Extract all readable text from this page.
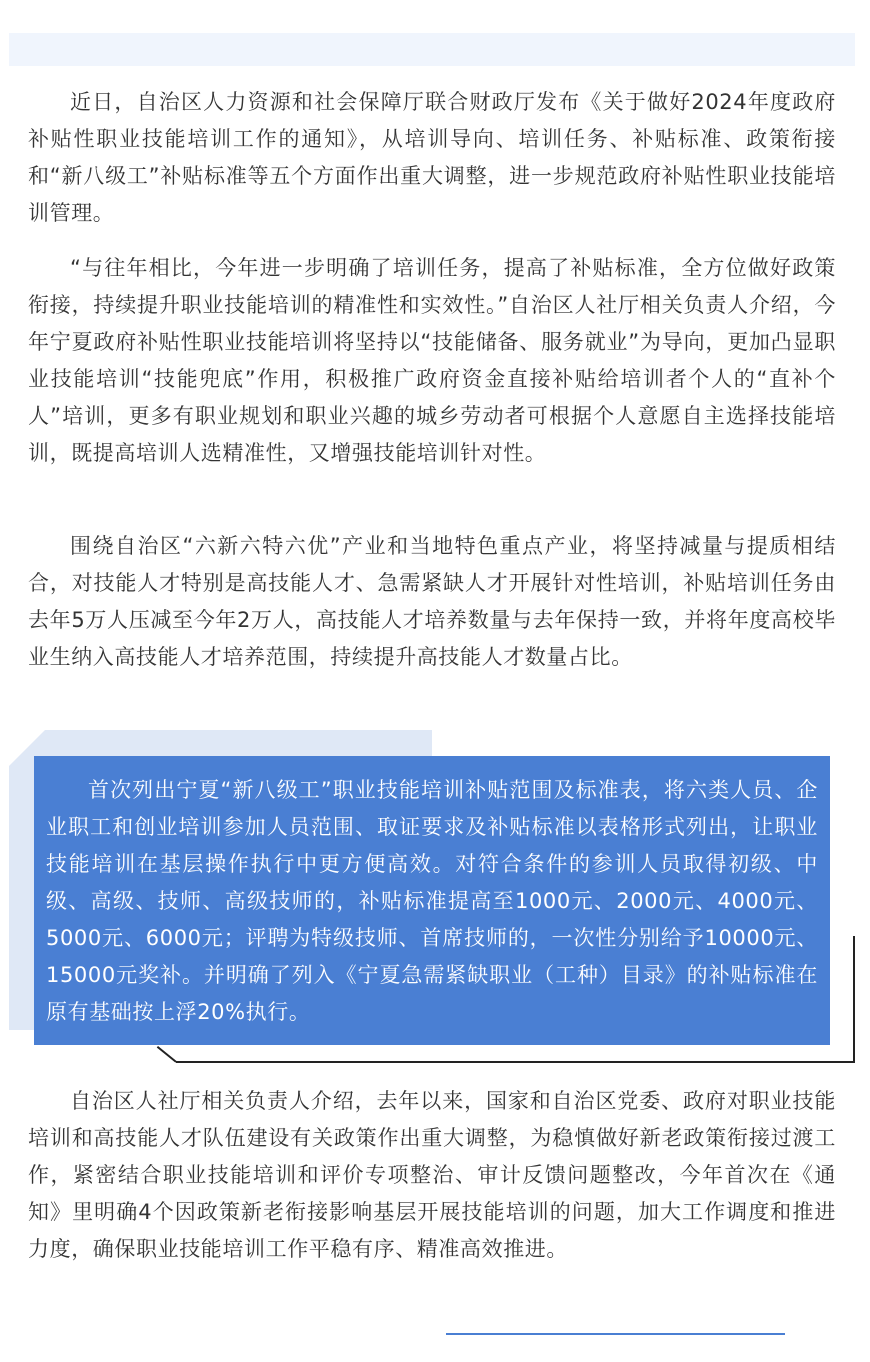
近日，自治区人力资源和社会保障厅联合财政厅发布《关于做好2024年度政府补贴性职业技能培训工作的通知》，从培训导向、培训任务、补贴标准、政策衔接和“新八级工”补贴标准等五个方面作出重大调整，进一步规范政府补贴性职业技能培训管理。

“与往年相比，今年进一步明确了培训任务，提高了补贴标准，全方位做好政策衔接，持续提升职业技能培训的精准性和实效性。”自治区人社厅相关负责人介绍，今年宁夏政府补贴性职业技能培训将坚持以“技能储备、服务就业”为导向，更加凸显职业技能培训“技能兜底”作用，积极推广政府资金直接补贴给培训者个人的“直补个人”培训，更多有职业规划和职业兴趣的城乡劳动者可根据个人意愿自主选择技能培训，既提高培训人选精准性，又增强技能培训针对性。

围绕自治区“六新六特六优”产业和当地特色重点产业，将坚持减量与提质相结合，对技能人才特别是高技能人才、急需紧缺人才开展针对性培训，补贴培训任务由去年5万人压减至今年2万人，高技能人才培养数量与去年保持一致，并将年度高校毕业生纳入高技能人才培养范围，持续提升高技能人才数量占比。

首次列出宁夏“新八级工”职业技能培训补贴范围及标准表，将六类人员、企业职工和创业培训参加人员范围、取证要求及补贴标准以表格形式列出，让职业技能培训在基层操作执行中更方便高效。对符合条件的参训人员取得初级、中级、高级、技师、高级技师的，补贴标准提高至1000元、2000元、4000元、5000元、6000元；评聘为特级技师、首席技师的，一次性分别给予10000元、15000元奖补。并明确了列入《宁夏急需紧缺职业（工种）目录》的补贴标准在原有基础按上浮20%执行。

自治区人社厅相关负责人介绍，去年以来，国家和自治区党委、政府对职业技能培训和高技能人才队伍建设有关政策作出重大调整，为稳慎做好新老政策衔接过渡工作，紧密结合职业技能培训和评价专项整治、审计反馈问题整改，今年首次在《通知》里明确4个因政策新老衔接影响基层开展技能培训的问题，加大工作调度和推进力度，确保职业技能培训工作平稳有序、精准高效推进。
